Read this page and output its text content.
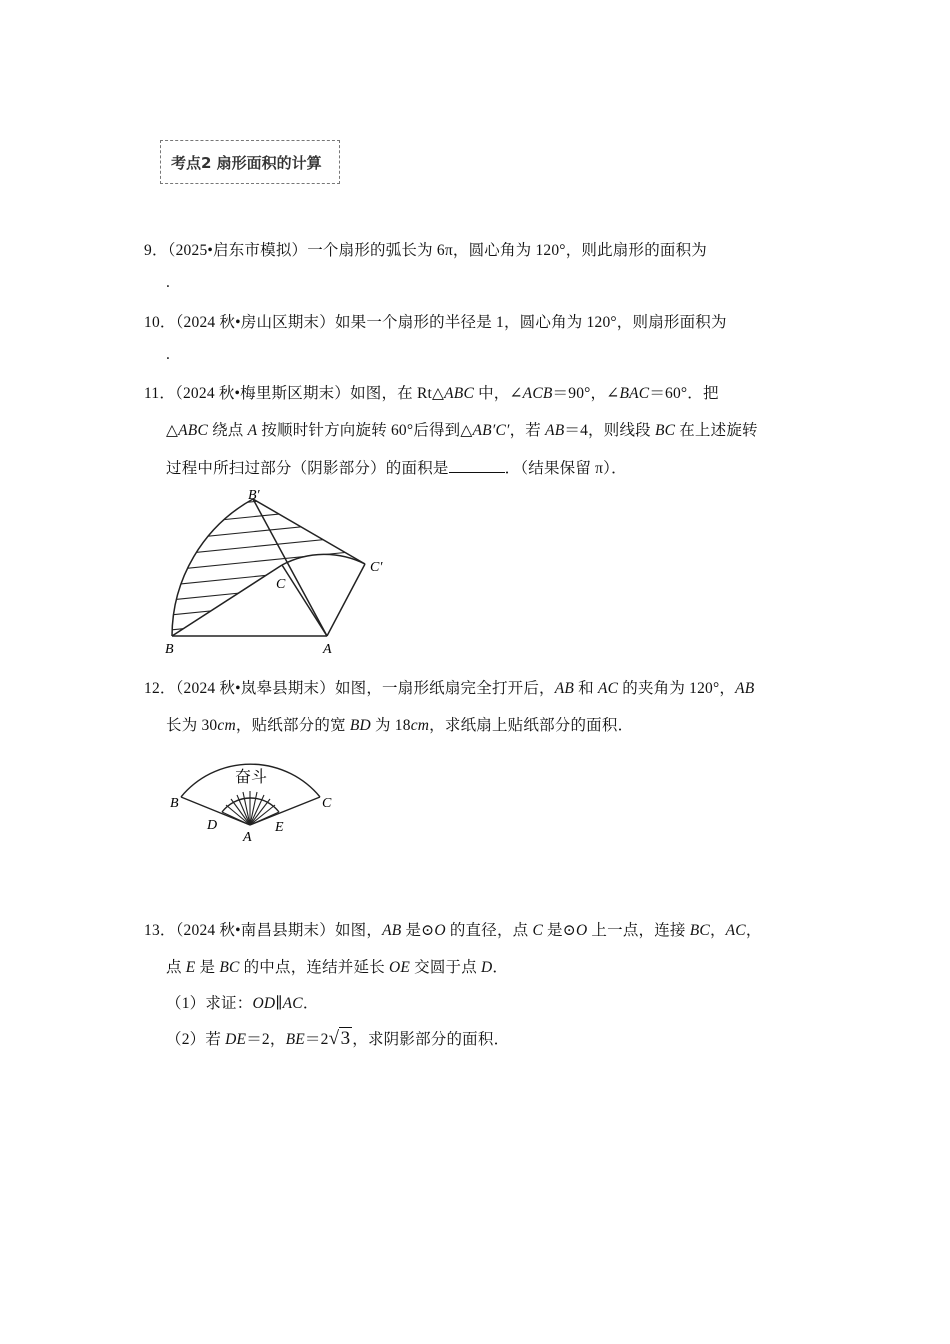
考点2 扇形面积的计算
9．（2025•启东市模拟）一个扇形的弧长为 6π，圆心角为 120°，则此扇形的面积为
.
10．（2024 秋•房山区期末）如果一个扇形的半径是 1，圆心角为 120°，则扇形面积为
.
11．（2024 秋•梅里斯区期末）如图，在 Rt△ABC 中，∠ACB＝90°，∠BAC＝60°．把
△ABC 绕点 A 按顺时针方向旋转 60°后得到△AB′C′，若 AB＝4，则线段 BC 在上述旋转
过程中所扫过部分（阴影部分）的面积是	．（结果保留 π）．
B′
C′
C
B	A
12．（2024 秋•岚皋县期末）如图，一扇形纸扇完全打开后，AB 和 AC 的夹角为 120°，AB
长为 30cm，贴纸部分的宽 BD 为 18cm，求纸扇上贴纸部分的面积．
奋斗
B	C
D	E
A
13．（2024 秋•南昌县期末）如图，AB 是⊙O 的直径，点 C 是⊙O 上一点，连接 BC，AC，
点 E 是 BC 的中点，连结并延长 OE 交圆于点 D．
（1）求证：OD∥AC．
（2）若 DE＝2，BE＝2 √ 3 ，求阴影部分的面积．
